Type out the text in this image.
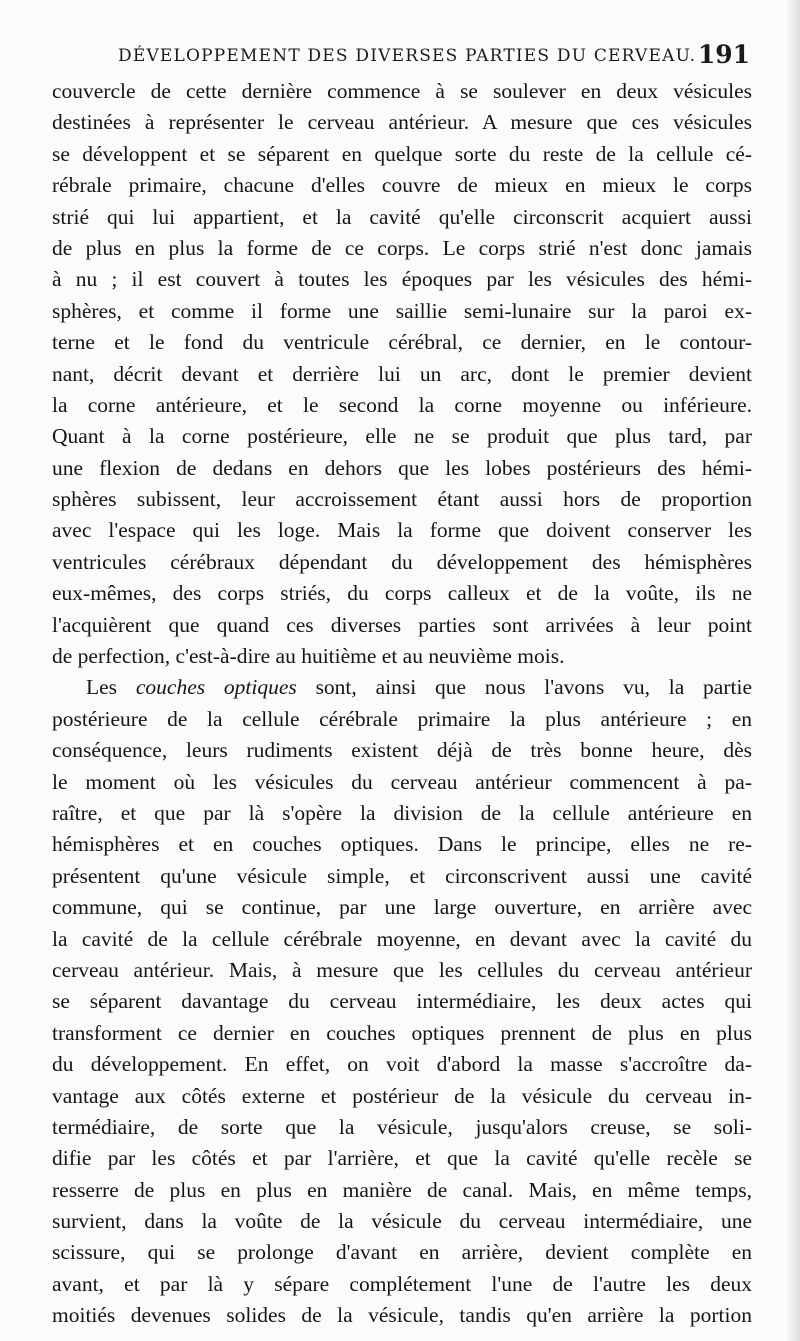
DÉVELOPPEMENT DES DIVERSES PARTIES DU CERVEAU. 191
couvercle de cette dernière commence à se soulever en deux vésicules
destinées à représenter le cerveau antérieur. A mesure que ces vésicules
se développent et se séparent en quelque sorte du reste de la cellule cé-
rébrale primaire, chacune d'elles couvre de mieux en mieux le corps
strié qui lui appartient, et la cavité qu'elle circonscrit acquiert aussi
de plus en plus la forme de ce corps. Le corps strié n'est donc jamais
à nu ; il est couvert à toutes les époques par les vésicules des hémi-
sphères, et comme il forme une saillie semi-lunaire sur la paroi ex-
terne et le fond du ventricule cérébral, ce dernier, en le contour-
nant, décrit devant et derrière lui un arc, dont le premier devient
la corne antérieure, et le second la corne moyenne ou inférieure.
Quant à la corne postérieure, elle ne se produit que plus tard, par
une flexion de dedans en dehors que les lobes postérieurs des hémi-
sphères subissent, leur accroissement étant aussi hors de proportion
avec l'espace qui les loge. Mais la forme que doivent conserver les
ventricules cérébraux dépendant du développement des hémisphères
eux-mêmes, des corps striés, du corps calleux et de la voûte, ils ne
l'acquièrent que quand ces diverses parties sont arrivées à leur point
de perfection, c'est-à-dire au huitième et au neuvième mois.
Les couches optiques sont, ainsi que nous l'avons vu, la partie
postérieure de la cellule cérébrale primaire la plus antérieure ; en
conséquence, leurs rudiments existent déjà de très bonne heure, dès
le moment où les vésicules du cerveau antérieur commencent à pa-
raître, et que par là s'opère la division de la cellule antérieure en
hémisphères et en couches optiques. Dans le principe, elles ne re-
présentent qu'une vésicule simple, et circonscrivent aussi une cavité
commune, qui se continue, par une large ouverture, en arrière avec
la cavité de la cellule cérébrale moyenne, en devant avec la cavité du
cerveau antérieur. Mais, à mesure que les cellules du cerveau antérieur
se séparent davantage du cerveau intermédiaire, les deux actes qui
transforment ce dernier en couches optiques prennent de plus en plus
du développement. En effet, on voit d'abord la masse s'accroître da-
vantage aux côtés externe et postérieur de la vésicule du cerveau in-
termédiaire, de sorte que la vésicule, jusqu'alors creuse, se soli-
difie par les côtés et par l'arrière, et que la cavité qu'elle recèle se
resserre de plus en plus en manière de canal. Mais, en même temps,
survient, dans la voûte de la vésicule du cerveau intermédiaire, une
scissure, qui se prolonge d'avant en arrière, devient complète en
avant, et par là y sépare complétement l'une de l'autre les deux
moitiés devenues solides de la vésicule, tandis qu'en arrière la portion
